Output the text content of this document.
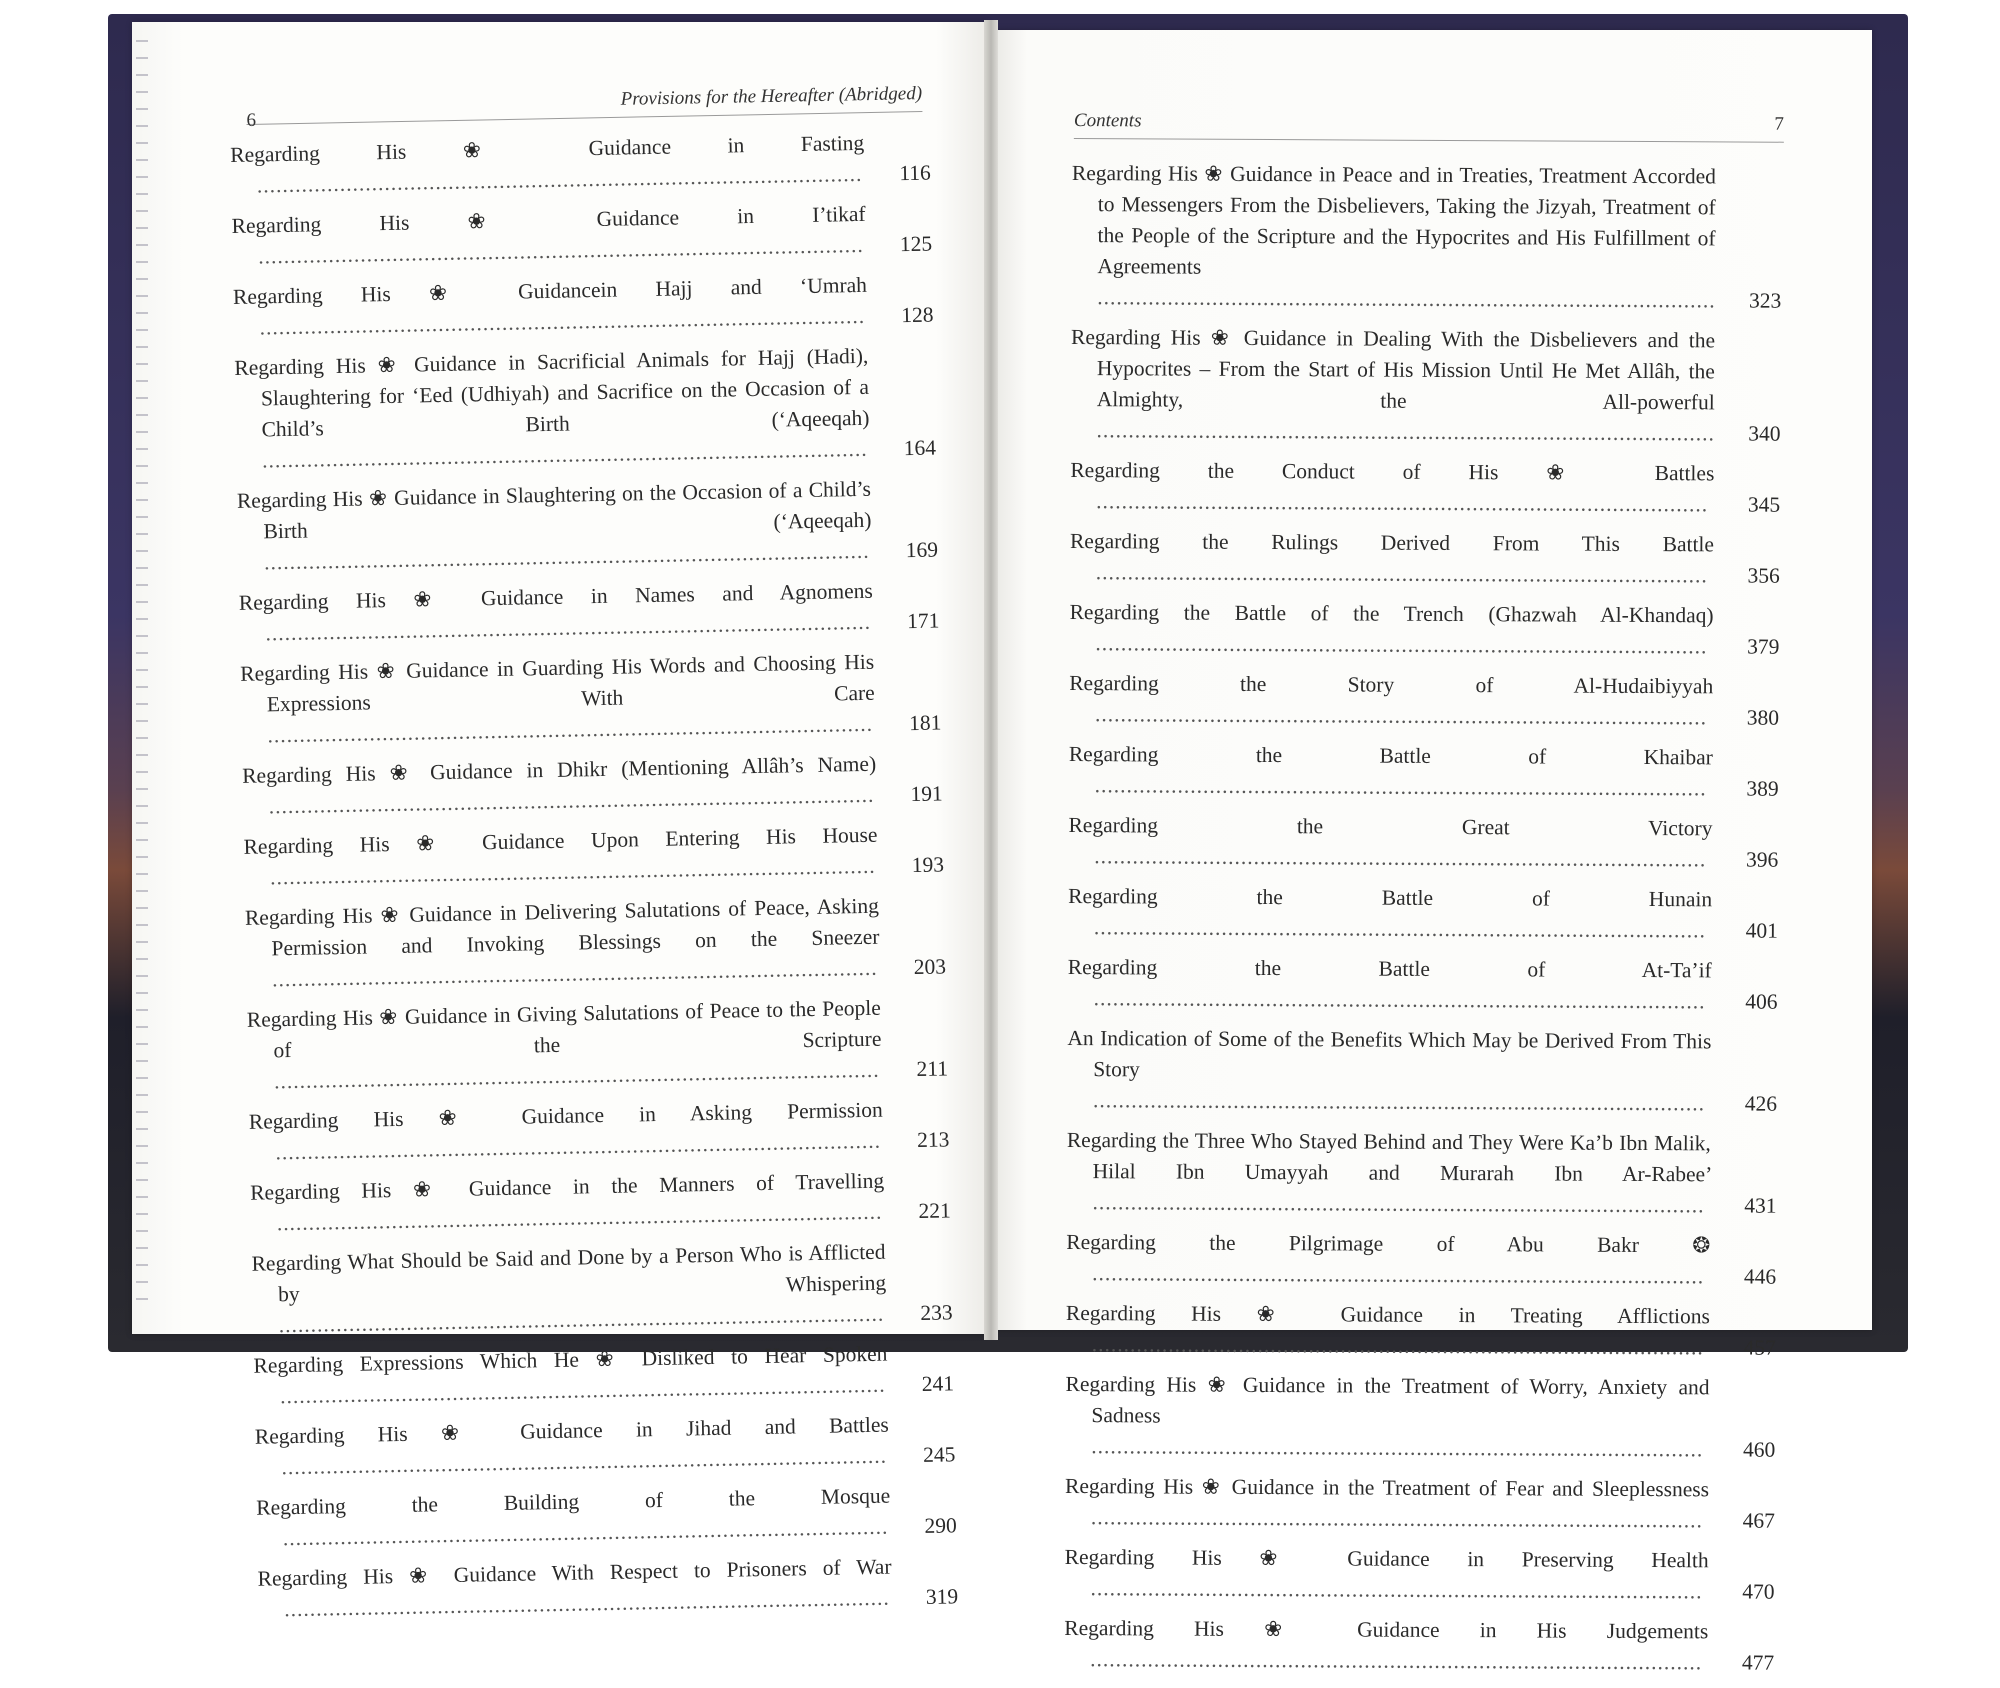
6
Provisions for the Hereafter (Abridged)
Contents	7
Regarding His ❀ Guidance in Fasting ...............................................................................................	116
Regarding His ❀ Guidance in I’tikaf ...............................................................................................	125
Regarding His ❀ Guidancein Hajj and ‘Umrah ...............................................................................................	128
Regarding His ❀ Guidance in Sacrificial Animals for Hajj (Hadi), Slaughtering for ‘Eed (Udhiyah) and Sacrifice on the Occasion of a Child’s Birth (‘Aqeeqah) ...............................................................................................	164
Regarding His ❀ Guidance in Slaughtering on the Occasion of a Child’s Birth (‘Aqeeqah) ...............................................................................................	169
Regarding His ❀ Guidance in Names and Agnomens ...............................................................................................	171
Regarding His ❀ Guidance in Guarding His Words and Choosing His Expressions With Care ...............................................................................................	181
Regarding His ❀ Guidance in Dhikr (Mentioning Allâh’s Name) ...............................................................................................	191
Regarding His ❀ Guidance Upon Entering His House ...............................................................................................	193
Regarding His ❀ Guidance in Delivering Salutations of Peace, Asking Permission and Invoking Blessings on the Sneezer ...............................................................................................	203
Regarding His ❀ Guidance in Giving Salutations of Peace to the People of the Scripture ...............................................................................................	211
Regarding His ❀ Guidance in Asking Permission ...............................................................................................	213
Regarding His ❀ Guidance in the Manners of Travelling ...............................................................................................	221
Regarding What Should be Said and Done by a Person Who is Afflicted by Whispering ...............................................................................................	233
Regarding Expressions Which He ❀ Disliked to Hear Spoken ...............................................................................................	241
Regarding His ❀ Guidance in Jihad and Battles ...............................................................................................	245
Regarding the Building of the Mosque ...............................................................................................	290
Regarding His ❀ Guidance With Respect to Prisoners of War ...............................................................................................	319
Regarding His ❀ Guidance in Peace and in Treaties, Treatment Accorded to Messengers From the Disbelievers, Taking the Jizyah, Treatment of the People of the Scripture and the Hypocrites and His Fulfillment of Agreements .................................................................................................	323
Regarding His ❀ Guidance in Dealing With the Disbelievers and the Hypocrites – From the Start of His Mission Until He Met Allâh, the Almighty, the All-powerful .................................................................................................	340
Regarding the Conduct of His ❀ Battles ................................................................................................	345
Regarding the Rulings Derived From This Battle ................................................................................................	356
Regarding the Battle of the Trench (Ghazwah Al-Khandaq) ................................................................................................	379
Regarding the Story of Al-Hudaibiyyah ................................................................................................	380
Regarding the Battle of Khaibar ................................................................................................	389
Regarding the Great Victory ................................................................................................	396
Regarding the Battle of Hunain ................................................................................................	401
Regarding the Battle of At-Ta’if ................................................................................................	406
An Indication of Some of the Benefits Which May be Derived From This Story ................................................................................................	426
Regarding the Three Who Stayed Behind and They Were Ka’b Ibn Malik, Hilal Ibn Umayyah and Murarah Ibn Ar-Rabee’ ................................................................................................	431
Regarding the Pilgrimage of Abu Bakr ❂ ................................................................................................	446
Regarding His ❀ Guidance in Treating Afflictions ................................................................................................	457
Regarding His ❀ Guidance in the Treatment of Worry, Anxiety and Sadness ................................................................................................	460
Regarding His ❀ Guidance in the Treatment of Fear and Sleeplessness ................................................................................................	467
Regarding His ❀ Guidance in Preserving Health ................................................................................................	470
Regarding His ❀ Guidance in His Judgements ................................................................................................	477
